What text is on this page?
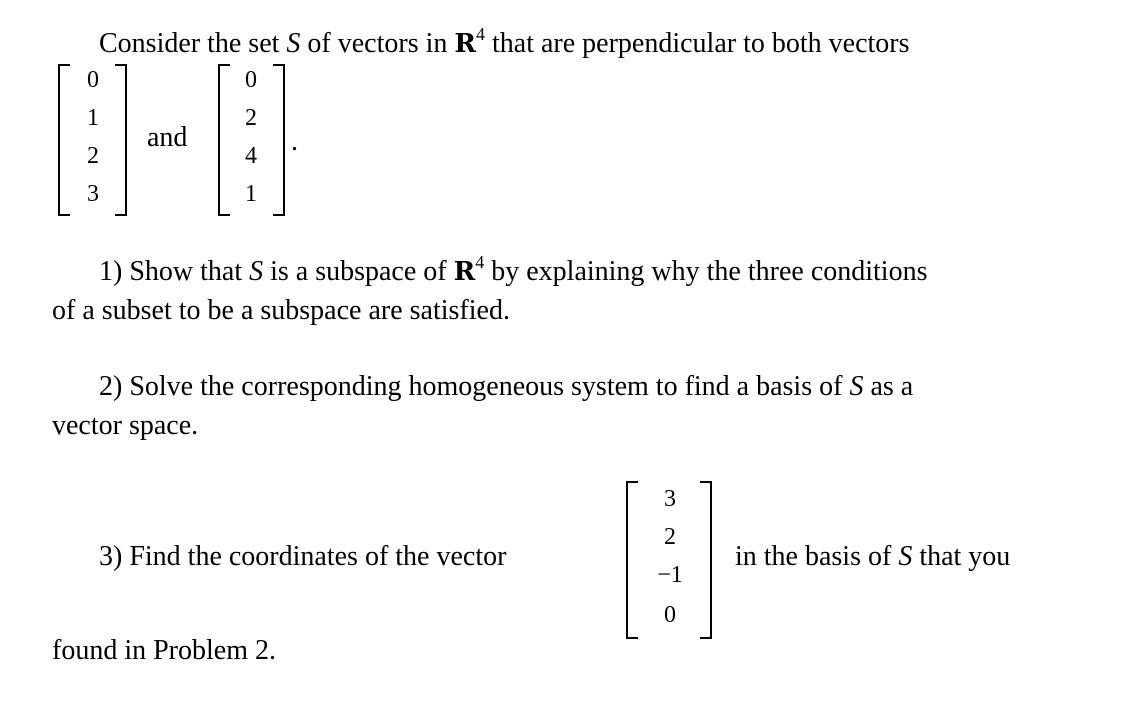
Consider the set S of vectors in $R^4$ that are perpendicular to both vectors
0
1
2
3
and
0
2
4
1
.
1) Show that S is a subspace of $R^4$ by explaining why the three conditions
of a subset to be a subspace are satisfied.
2) Solve the corresponding homogeneous system to find a basis of S as a
vector space.
3) Find the coordinates of the vector
3
2
−1
0
in the basis of S that you
found in Problem 2.
